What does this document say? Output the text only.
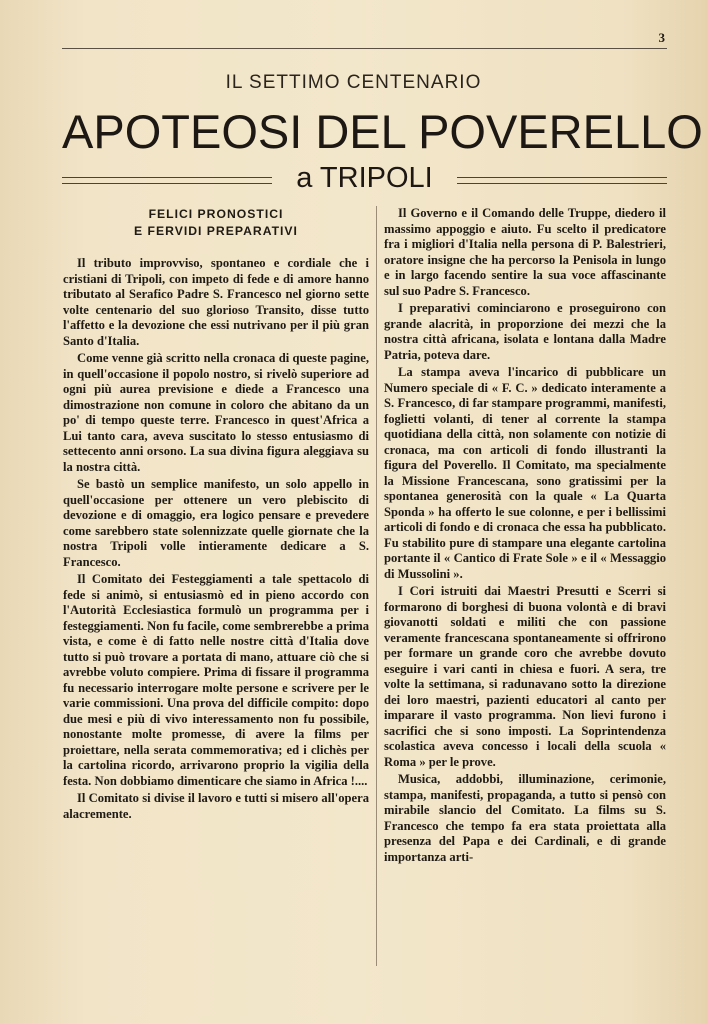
3
IL SETTIMO CENTENARIO
APOTEOSI DEL POVERELLO
a TRIPOLI
FELICI PRONOSTICI
E FERVIDI PREPARATIVI

Il tributo improvviso, spontaneo e cordiale che i cristiani di Tripoli, con impeto di fede e di amore hanno tributato al Serafico Padre S. Francesco nel giorno sette volte centenario del suo glorioso Transito, disse tutto l'affetto e la devozione che essi nutrivano per il più gran Santo d'Italia.

Come venne già scritto nella cronaca di queste pagine, in quell'occasione il popolo nostro, si rivelò superiore ad ogni più aurea previsione e diede a Francesco una dimostrazione non comune in coloro che abitano da un po' di tempo queste terre. Francesco in quest'Africa a Lui tanto cara, aveva suscitato lo stesso entusiasmo di settecento anni orsono. La sua divina figura aleggiava su la nostra città.

Se bastò un semplice manifesto, un solo appello in quell'occasione per ottenere un vero plebiscito di devozione e di omaggio, era logico pensare e prevedere come sarebbero state solennizzate quelle giornate che la nostra Tripoli volle intieramente dedicare a S. Francesco.

Il Comitato dei Festeggiamenti a tale spettacolo di fede si animò, si entusiasmò ed in pieno accordo con l'Autorità Ecclesiastica formulò un programma per i festeggiamenti. Non fu facile, come sembrerebbe a prima vista, e come è di fatto nelle nostre città d'Italia dove tutto si può trovare a portata di mano, attuare ciò che si avrebbe voluto compiere. Prima di fissare il programma fu necessario interrogare molte persone e scrivere per le varie commissioni. Una prova del difficile compito: dopo due mesi e più di vivo interessamento non fu possibile, nonostante molte promesse, di avere la films per proiettare, nella serata commemorativa; ed i clichès per la cartolina ricordo, arrivarono proprio la vigilia della festa. Non dobbiamo dimenticare che siamo in Africa !....

Il Comitato si divise il lavoro e tutti si misero all'opera alacremente.

Il Governo e il Comando delle Truppe, diedero il massimo appoggio e aiuto. Fu scelto il predicatore fra i migliori d'Italia nella persona di P. Balestrieri, oratore insigne che ha percorso la Penisola in lungo e in largo facendo sentire la sua voce affascinante sul suo Padre S. Francesco.

I preparativi cominciarono e proseguirono con grande alacrità, in proporzione dei mezzi che la nostra città africana, isolata e lontana dalla Madre Patria, poteva dare.

La stampa aveva l'incarico di pubblicare un Numero speciale di « F. C. » dedicato interamente a S. Francesco, di far stampare programmi, manifesti, foglietti volanti, di tener al corrente la stampa quotidiana della città, non solamente con notizie di cronaca, ma con articoli di fondo illustranti la figura del Poverello. Il Comitato, ma specialmente la Missione Francescana, sono gratissimi per la spontanea generosità con la quale « La Quarta Sponda » ha offerto le sue colonne, e per i bellissimi articoli di fondo e di cronaca che essa ha pubblicato. Fu stabilito pure di stampare una elegante cartolina portante il « Cantico di Frate Sole » e il « Messaggio di Mussolini ».

I Cori istruiti dai Maestri Presutti e Scerri si formarono di borghesi di buona volontà e di bravi giovanotti soldati e militi che con passione veramente francescana spontaneamente si offrirono per formare un grande coro che avrebbe dovuto eseguire i vari canti in chiesa e fuori. A sera, tre volte la settimana, si radunavano sotto la direzione dei loro maestri, pazienti educatori al canto per imparare il vasto programma. Non lievi furono i sacrifici che si sono imposti. La Soprintendenza scolastica aveva concesso i locali della scuola « Roma » per le prove.

Musica, addobbi, illuminazione, cerimonie, stampa, manifesti, propaganda, a tutto si pensò con mirabile slancio del Comitato. La films su S. Francesco che tempo fa era stata proiettata alla presenza del Papa e dei Cardinali, e di grande importanza arti-
